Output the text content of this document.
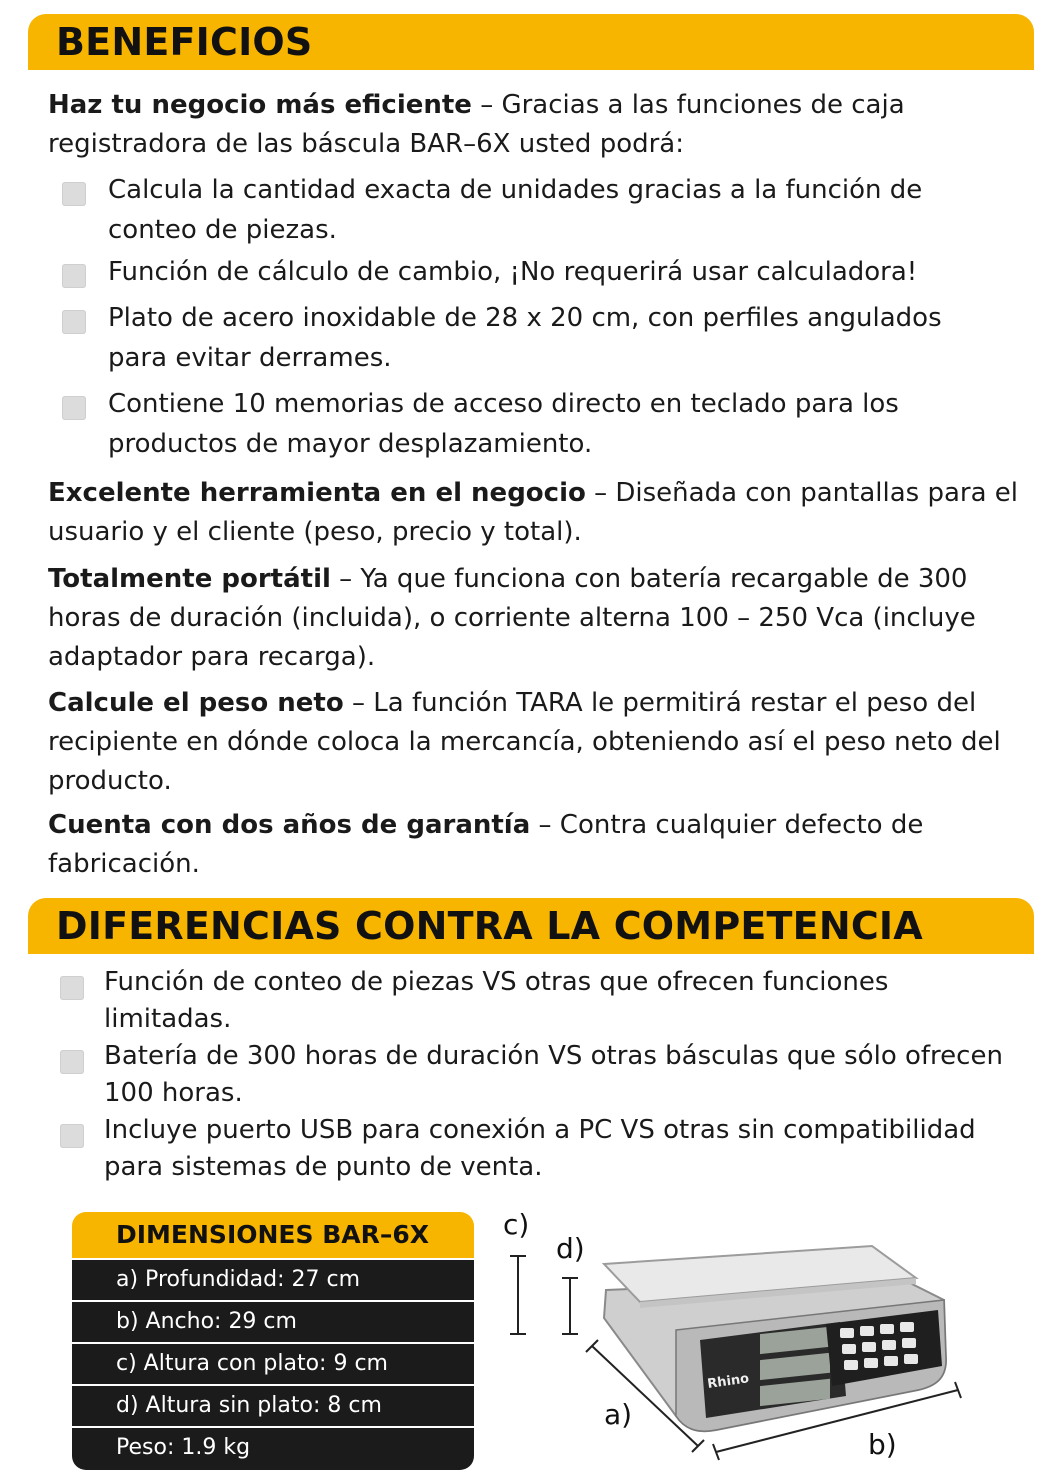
BENEFICIOS

Haz tu negocio más eficiente – Gracias a las funciones de caja registradora de las báscula BAR–6X usted podrá:

Calcula la cantidad exacta de unidades gracias a la función de conteo de piezas.
Función de cálculo de cambio, ¡No requerirá usar calculadora!
Plato de acero inoxidable de 28 x 20 cm, con perfiles angulados para evitar derrames.
Contiene 10 memorias de acceso directo en teclado para los productos de mayor desplazamiento.

Excelente herramienta en el negocio – Diseñada con pantallas para el usuario y el cliente (peso, precio y total).

Totalmente portátil – Ya que funciona con batería recargable de 300 horas de duración (incluida), o corriente alterna 100 – 250 Vca (incluye adaptador para recarga).

Calcule el peso neto – La función TARA le permitirá restar el peso del recipiente en dónde coloca la mercancía, obteniendo así el peso neto del producto.

Cuenta con dos años de garantía – Contra cualquier defecto de fabricación.

DIFERENCIAS CONTRA LA COMPETENCIA
Función de conteo de piezas VS otras que ofrecen funciones limitadas.
Batería de 300 horas de duración VS otras básculas que sólo ofrecen 100 horas.
Incluye puerto USB para conexión a PC VS otras sin compatibilidad para sistemas de punto de venta.
DIMENSIONES BAR–6X
a) Profundidad: 27 cm
b) Ancho: 29 cm
c) Altura con plato: 9 cm
d) Altura sin plato: 8 cm
Peso: 1.9 kg
c)
d)
a)
b)
Rhino
